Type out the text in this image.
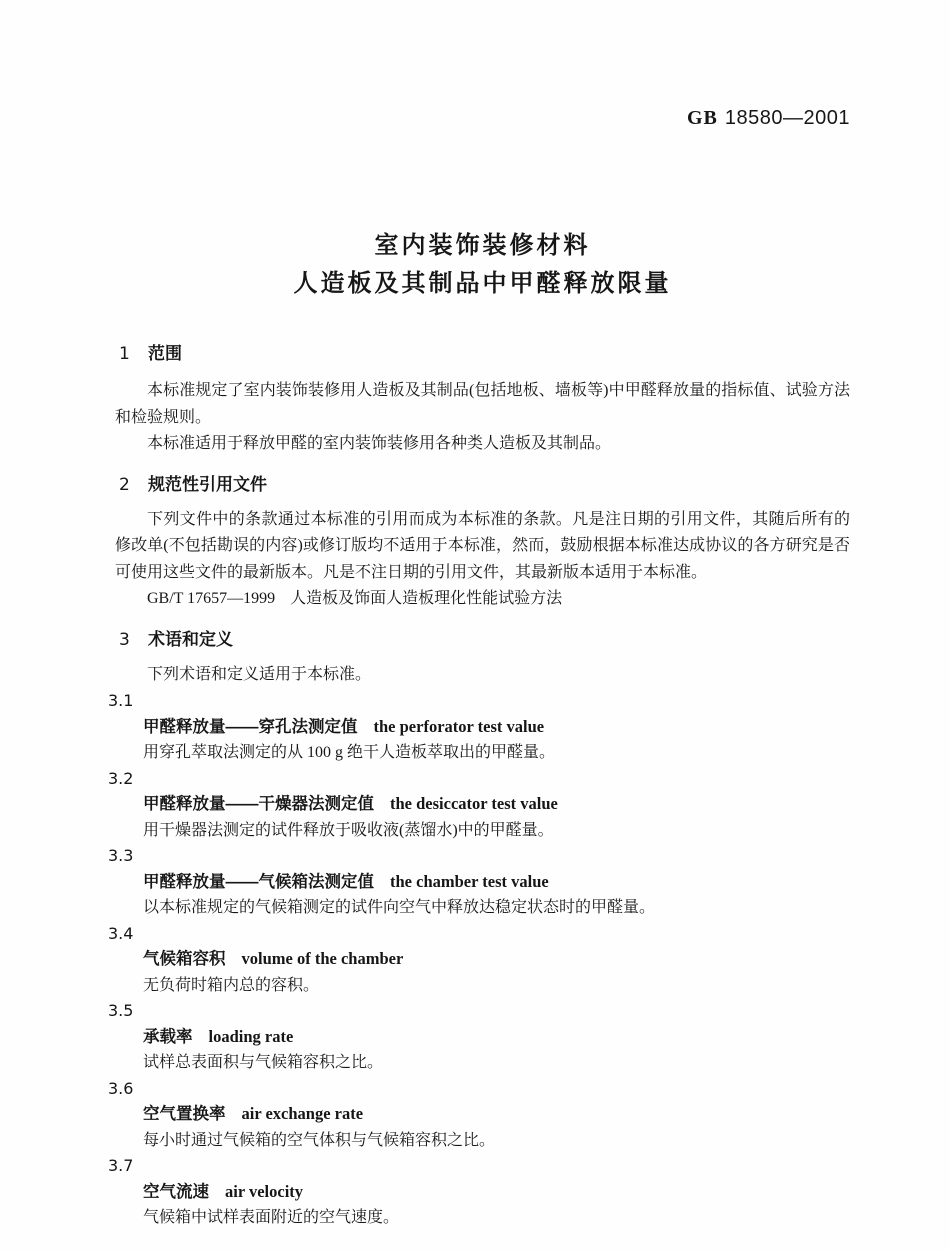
GB 18580—2001
室内装饰装修材料
人造板及其制品中甲醛释放限量
1 范围

本标准规定了室内装饰装修用人造板及其制品(包括地板、墙板等)中甲醛释放量的指标值、试验方法和检验规则。

本标准适用于释放甲醛的室内装饰装修用各种类人造板及其制品。

2 规范性引用文件

下列文件中的条款通过本标准的引用而成为本标准的条款。凡是注日期的引用文件，其随后所有的修改单(不包括勘误的内容)或修订版均不适用于本标准，然而，鼓励根据本标准达成协议的各方研究是否可使用这些文件的最新版本。凡是不注日期的引用文件，其最新版本适用于本标准。

GB/T 17657—1999 人造板及饰面人造板理化性能试验方法

3 术语和定义

下列术语和定义适用于本标准。

3.1
甲醛释放量——穿孔法测定值 the perforator test value
用穿孔萃取法测定的从 100 g 绝干人造板萃取出的甲醛量。
3.2
甲醛释放量——干燥器法测定值 the desiccator test value
用干燥器法测定的试件释放于吸收液(蒸馏水)中的甲醛量。
3.3
甲醛释放量——气候箱法测定值 the chamber test value
以本标准规定的气候箱测定的试件向空气中释放达稳定状态时的甲醛量。
3.4
气候箱容积 volume of the chamber
无负荷时箱内总的容积。
3.5
承载率 loading rate
试样总表面积与气候箱容积之比。
3.6
空气置换率 air exchange rate
每小时通过气候箱的空气体积与气候箱容积之比。
3.7
空气流速 air velocity
气候箱中试样表面附近的空气速度。
